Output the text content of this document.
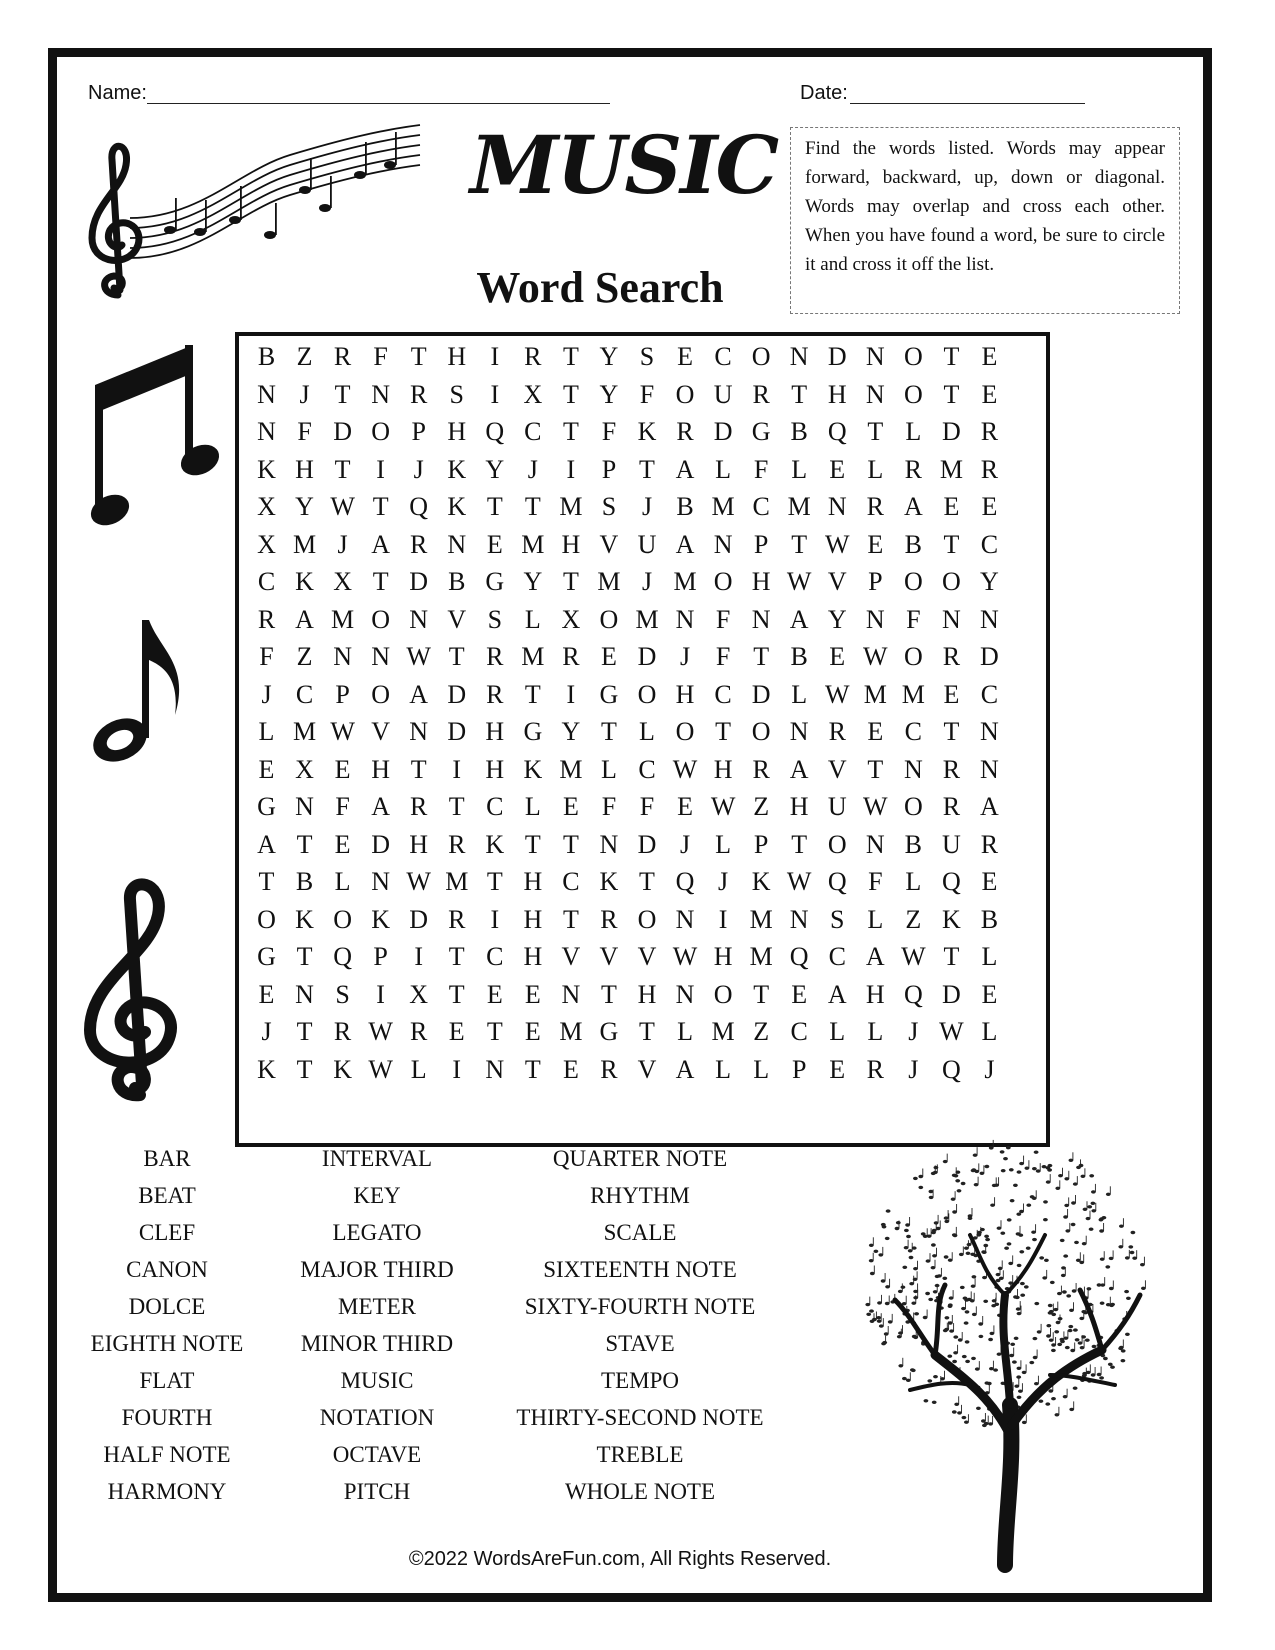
Name:	Date:
MUSIC
Word Search
Find the words listed. Words may appear forward, backward, up, down or diagonal. Words may overlap and cross each other. When you have found a word, be sure to circle it and cross it off the list.
B Z R F T H I R T Y S E C O N D N O T E
N J T N R S	I X T Y F O U R T H N O T E
N F D O P H Q C T F K R D G B Q T L D R
K H T I	J K Y J	I	P T A L F L E L R M R
X Y W T Q K T T M S J B M C M N R A E E
X M J A R N E M H V U A N P T W E B T C
C K X T D B G Y T M J M O H W V P O O Y
R A M O N V S L X O M N F N A Y N F N N
F Z N N W T R M R E D J F T B E W O R D
J C P O A D R T I G O H C D L W M M E C
L M W V N D H G Y T L O T O N R E C T N
E X E H T I H K M L C W H R A V T N R N
G N F A R T C L E F F E W Z H U W O R A
A T E D H R K T T N D J L P T O N B U R
T B L N W M T H C K T Q J K W Q F L Q E
O K O K D R I H T R O N I M N S L Z K B
G T Q P	I T C H V V V W H M Q C A W T L
E N S	I X T E E N T H N O T E A H Q D E
J T R W R E T E M G T L M Z C L L J W L
K T K W L I N T E R V A L L P E R J Q J
BAR
BEAT
CLEF
CANON
DOLCE
EIGHTH NOTE
FLAT
FOURTH
HALF NOTE
HARMONY
INTERVAL
KEY
LEGATO
MAJOR THIRD
METER
MINOR THIRD
MUSIC
NOTATION
OCTAVE
PITCH
QUARTER NOTE
RHYTHM
SCALE
SIXTEENTH NOTE
SIXTY-FOURTH NOTE
STAVE
TEMPO
THIRTY-SECOND NOTE
TREBLE
WHOLE NOTE
©2022 WordsAreFun.com, All Rights Reserved.
